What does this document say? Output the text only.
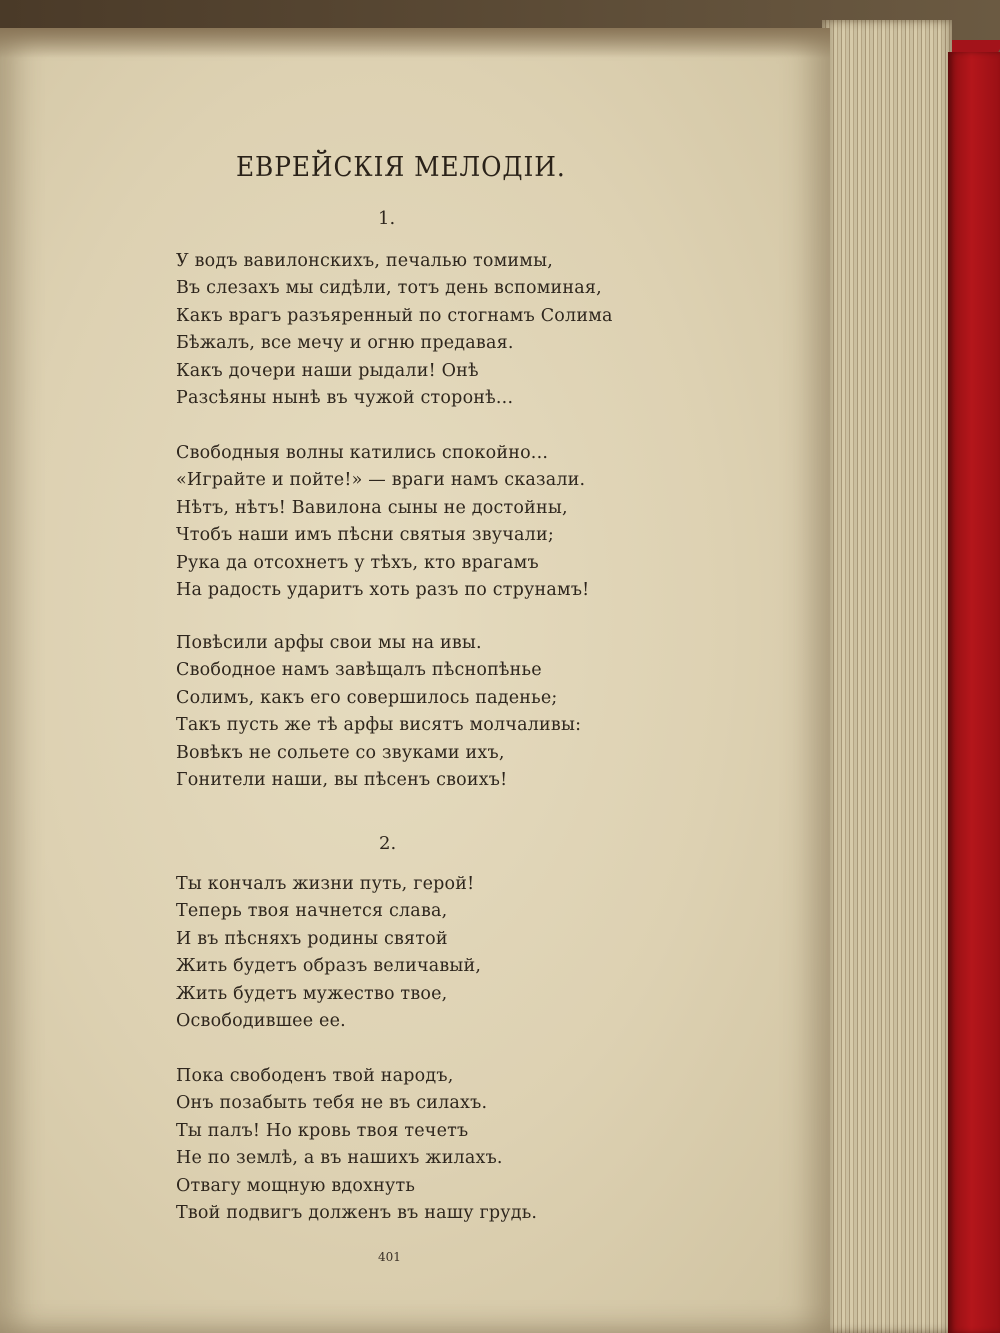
ЕВРЕЙСКІЯ МЕЛОДІИ.
1.
У водъ вавилонскихъ, печалью томимы,
Въ слезахъ мы сидѣли, тотъ день вспоминая,
Какъ врагъ разъяренный по стогнамъ Солима
Бѣжалъ, все мечу и огню предавая.
Какъ дочери наши рыдали! Онѣ
Разсѣяны нынѣ въ чужой сторонѣ...
Свободныя волны катились спокойно...
«Играйте и пойте!» — враги намъ сказали.
Нѣтъ, нѣтъ! Вавилона сыны не достойны,
Чтобъ наши имъ пѣсни святыя звучали;
Рука да отсохнетъ у тѣхъ, кто врагамъ
На радость ударитъ хоть разъ по струнамъ!
Повѣсили арфы свои мы на ивы.
Свободное намъ завѣщалъ пѣснопѣнье
Солимъ, какъ его совершилось паденье;
Такъ пусть же тѣ арфы висятъ молчаливы:
Вовѣкъ не сольете со звуками ихъ,
Гонители наши, вы пѣсенъ своихъ!
2.
Ты кончалъ жизни путь, герой!
Теперь твоя начнется слава,
И въ пѣсняхъ родины святой
Жить будетъ образъ величавый,
Жить будетъ мужество твое,
Освободившее ее.
Пока свободенъ твой народъ,
Онъ позабыть тебя не въ силахъ.
Ты палъ! Но кровь твоя течетъ
Не по землѣ, а въ нашихъ жилахъ.
Отвагу мощную вдохнуть
Твой подвигъ долженъ въ нашу грудь.
401
